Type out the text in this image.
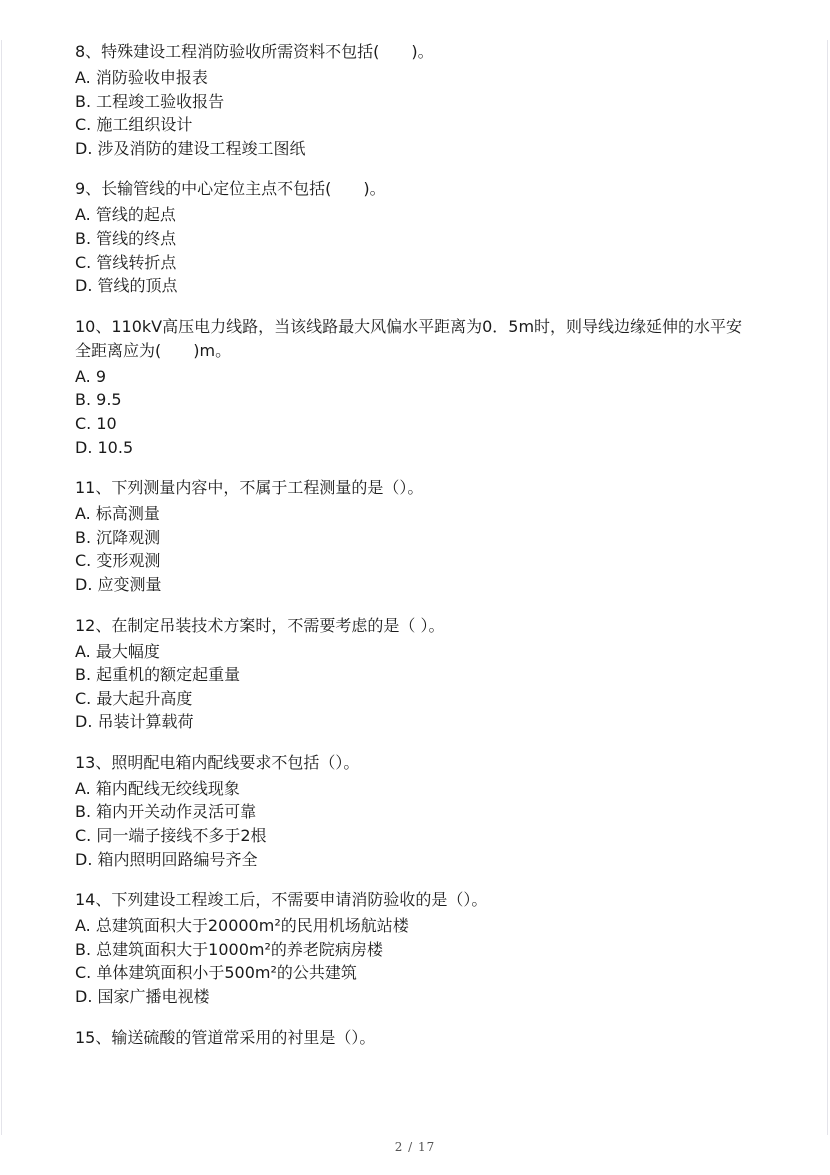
8、特殊建设工程消防验收所需资料不包括(　　)。

A. 消防验收申报表
B. 工程竣工验收报告
C. 施工组织设计
D. 涉及消防的建设工程竣工图纸

9、长输管线的中心定位主点不包括(　　)。

A. 管线的起点
B. 管线的终点
C. 管线转折点
D. 管线的顶点

10、110kV高压电力线路，当该线路最大风偏水平距离为0．5m时，则导线边缘延伸的水平安全距离应为(　　)m。

A. 9
B. 9.5
C. 10
D. 10.5

11、下列测量内容中，不属于工程测量的是（）。

A. 标高测量
B. 沉降观测
C. 变形观测
D. 应变测量

12、在制定吊装技术方案时，不需要考虑的是（ ）。

A. 最大幅度
B. 起重机的额定起重量
C. 最大起升高度
D. 吊装计算载荷

13、照明配电箱内配线要求不包括（）。

A. 箱内配线无绞线现象
B. 箱内开关动作灵活可靠
C. 同一端子接线不多于2根
D. 箱内照明回路编号齐全

14、下列建设工程竣工后，不需要申请消防验收的是（）。

A. 总建筑面积大于20000m²的民用机场航站楼
B. 总建筑面积大于1000m²的养老院病房楼
C. 单体建筑面积小于500m²的公共建筑
D. 国家广播电视楼

15、输送硫酸的管道常采用的衬里是（）。

2 / 17
